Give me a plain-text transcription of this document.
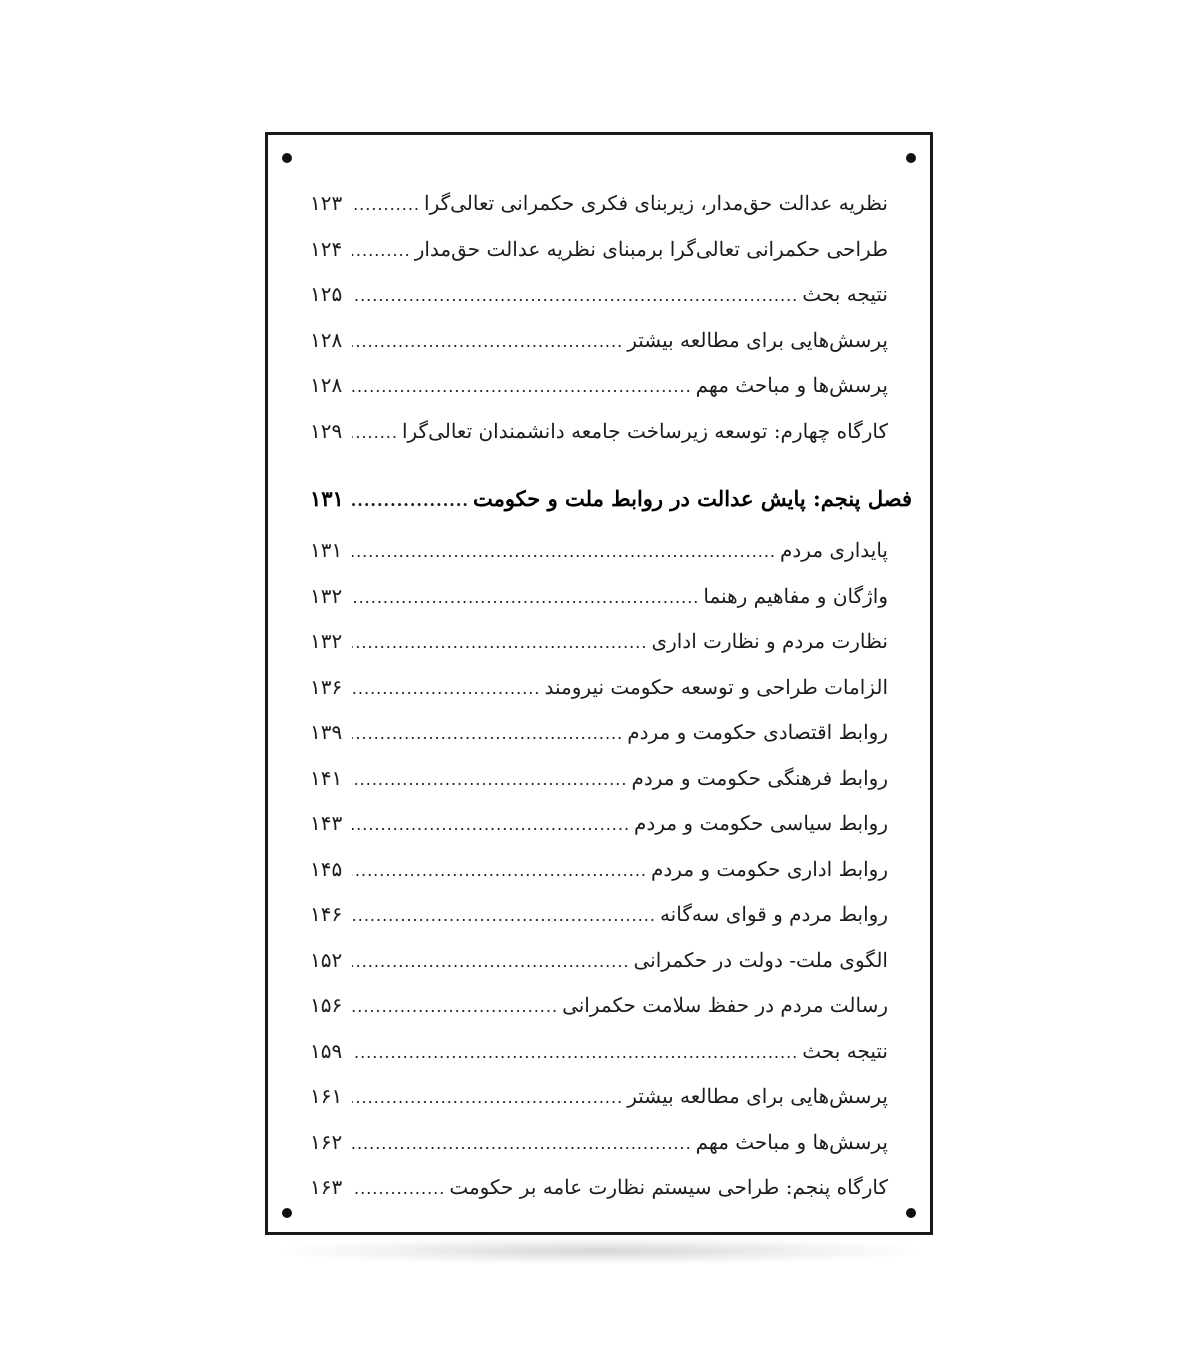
نظریه عدالت حق‌مدار، زیربنای فکری حکمرانی تعالی‌گرا
.....
۱۲۳
طراحی حکمرانی تعالی‌گرا برمبنای نظریه عدالت حق‌مدار
.....
۱۲۴
نتیجه بحث
.....
۱۲۵
پرسش‌هایی برای مطالعه بیشتر
.....
۱۲۸
پرسش‌ها و مباحث مهم
.....
۱۲۸
کارگاه چهارم: توسعه زیرساخت جامعه دانشمندان تعالی‌گرا
.....
۱۲۹
فصل پنجم: پایش عدالت در روابط ملت و حکومت
.....
۱۳۱
پایداری مردم
.....
۱۳۱
واژگان و مفاهیم رهنما
.....
۱۳۲
نظارت مردم و نظارت اداری
.....
۱۳۲
الزامات طراحی و توسعه حکومت نیرومند
.....
۱۳۶
روابط اقتصادی حکومت و مردم
.....
۱۳۹
روابط فرهنگی حکومت و مردم
.....
۱۴۱
روابط سیاسی حکومت و مردم
.....
۱۴۳
روابط اداری حکومت و مردم
.....
۱۴۵
روابط مردم و قوای سه‌گانه
.....
۱۴۶
الگوی ملت- دولت در حکمرانی
.....
۱۵۲
رسالت مردم در حفظ سلامت حکمرانی
.....
۱۵۶
نتیجه بحث
.....
۱۵۹
پرسش‌هایی برای مطالعه بیشتر
.....
۱۶۱
پرسش‌ها و مباحث مهم
.....
۱۶۲
کارگاه پنجم: طراحی سیستم نظارت عامه بر حکومت
.....
۱۶۳
